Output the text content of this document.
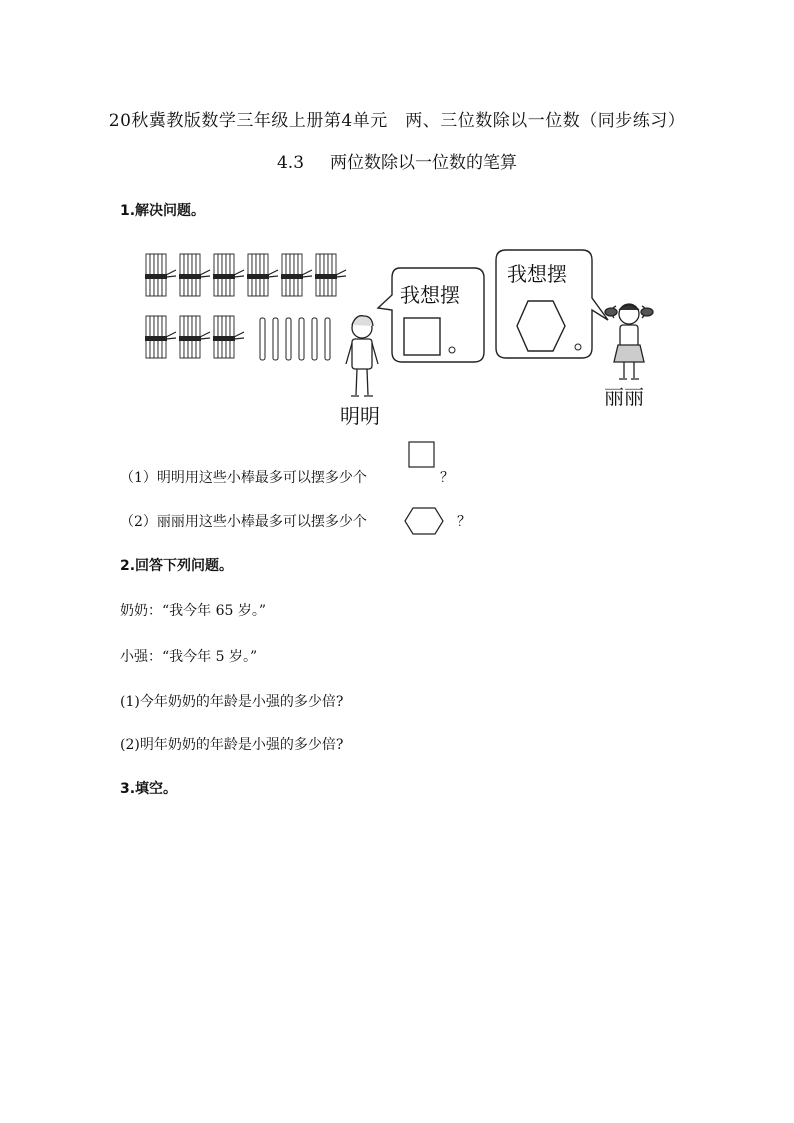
20秋冀教版数学三年级上册第4单元　两、三位数除以一位数（同步练习）
4.3 两位数除以一位数的笔算
1.解决问题。
明明
我想摆
我想摆
丽丽
（1）明明用这些小棒最多可以摆多少个	？
（2）丽丽用这些小棒最多可以摆多少个	？
2.回答下列问题。
奶奶：“我今年 65 岁。”
小强：“我今年 5 岁。”
(1)今年奶奶的年龄是小强的多少倍?
(2)明年奶奶的年龄是小强的多少倍?
3.填空。
